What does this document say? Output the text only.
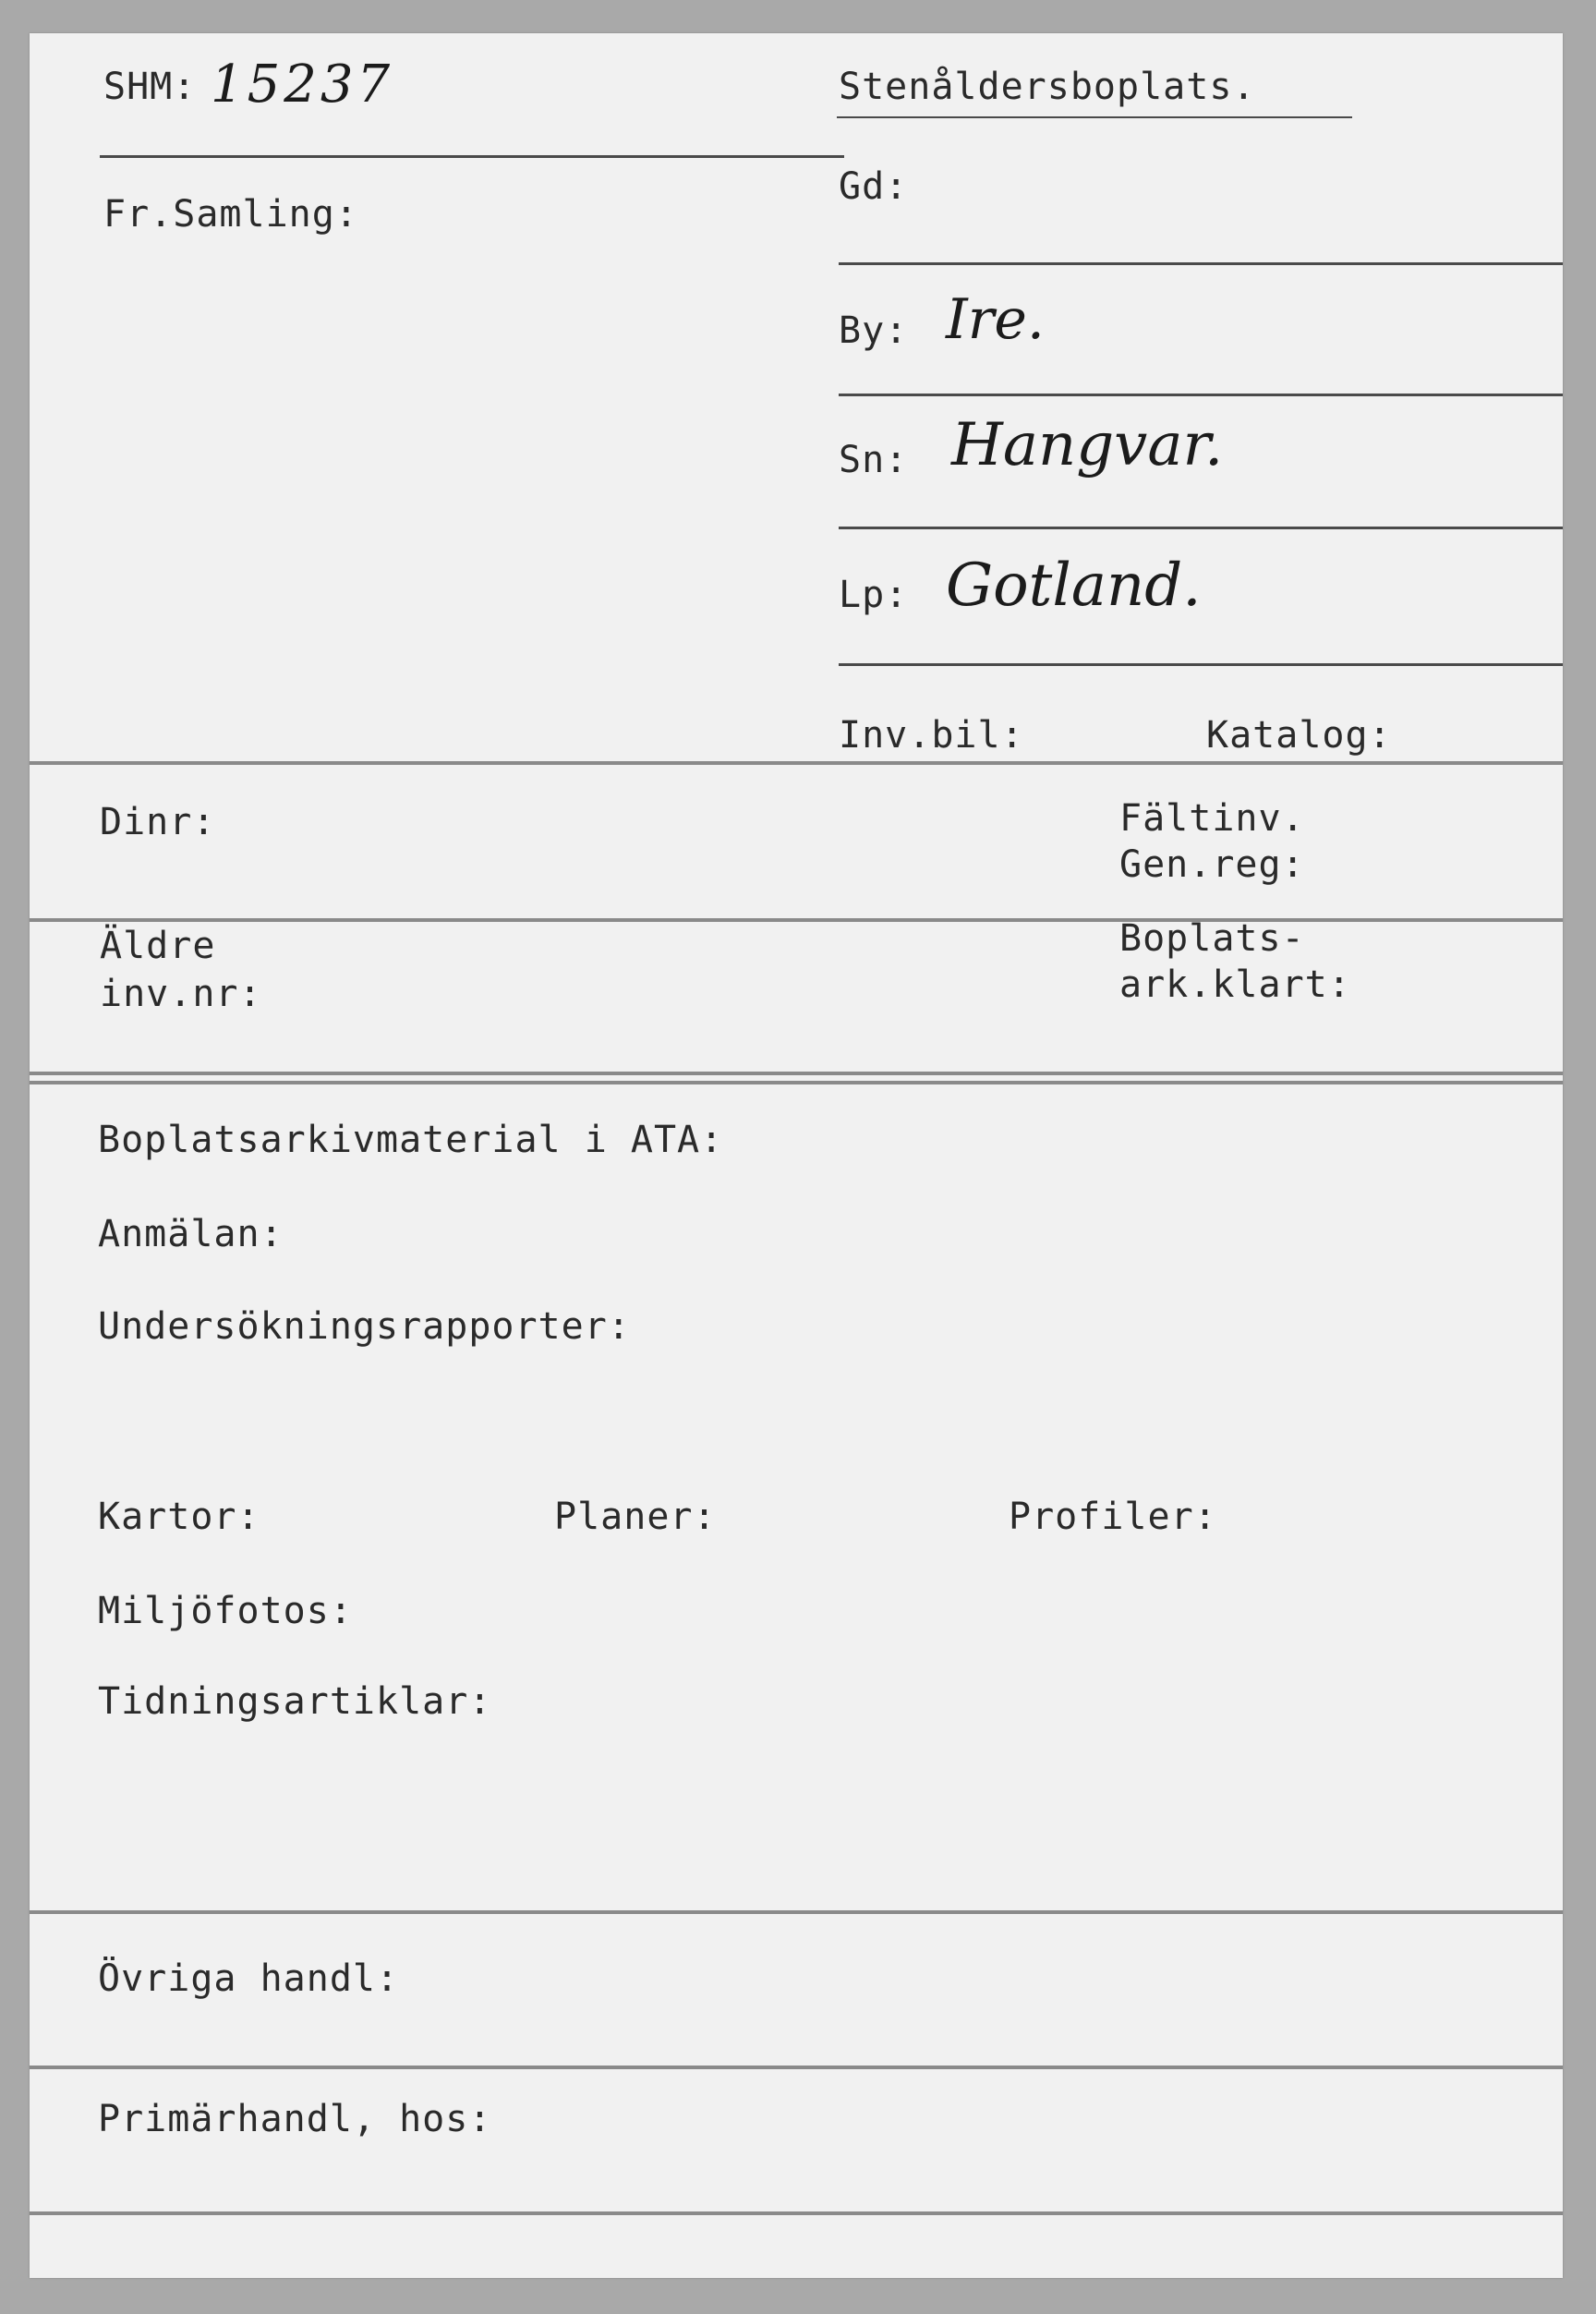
SHM: 15237
Fr.Samling:
Stenåldersboplats.
Gd:
By: Ire.
Sn: Hangvar.
Lp: Gotland.
Inv.bil:	Katalog:
Dinr:	Fältinv.
Gen.reg:
Äldre
inv.nr:
Boplats-
ark.klart:
Boplatsarkivmaterial i ATA:
Anmälan:
Undersökningsrapporter:
Kartor:	Planer:	Profiler:
Miljöfotos:
Tidningsartiklar:
Övriga handl:
Primärhandl, hos:
